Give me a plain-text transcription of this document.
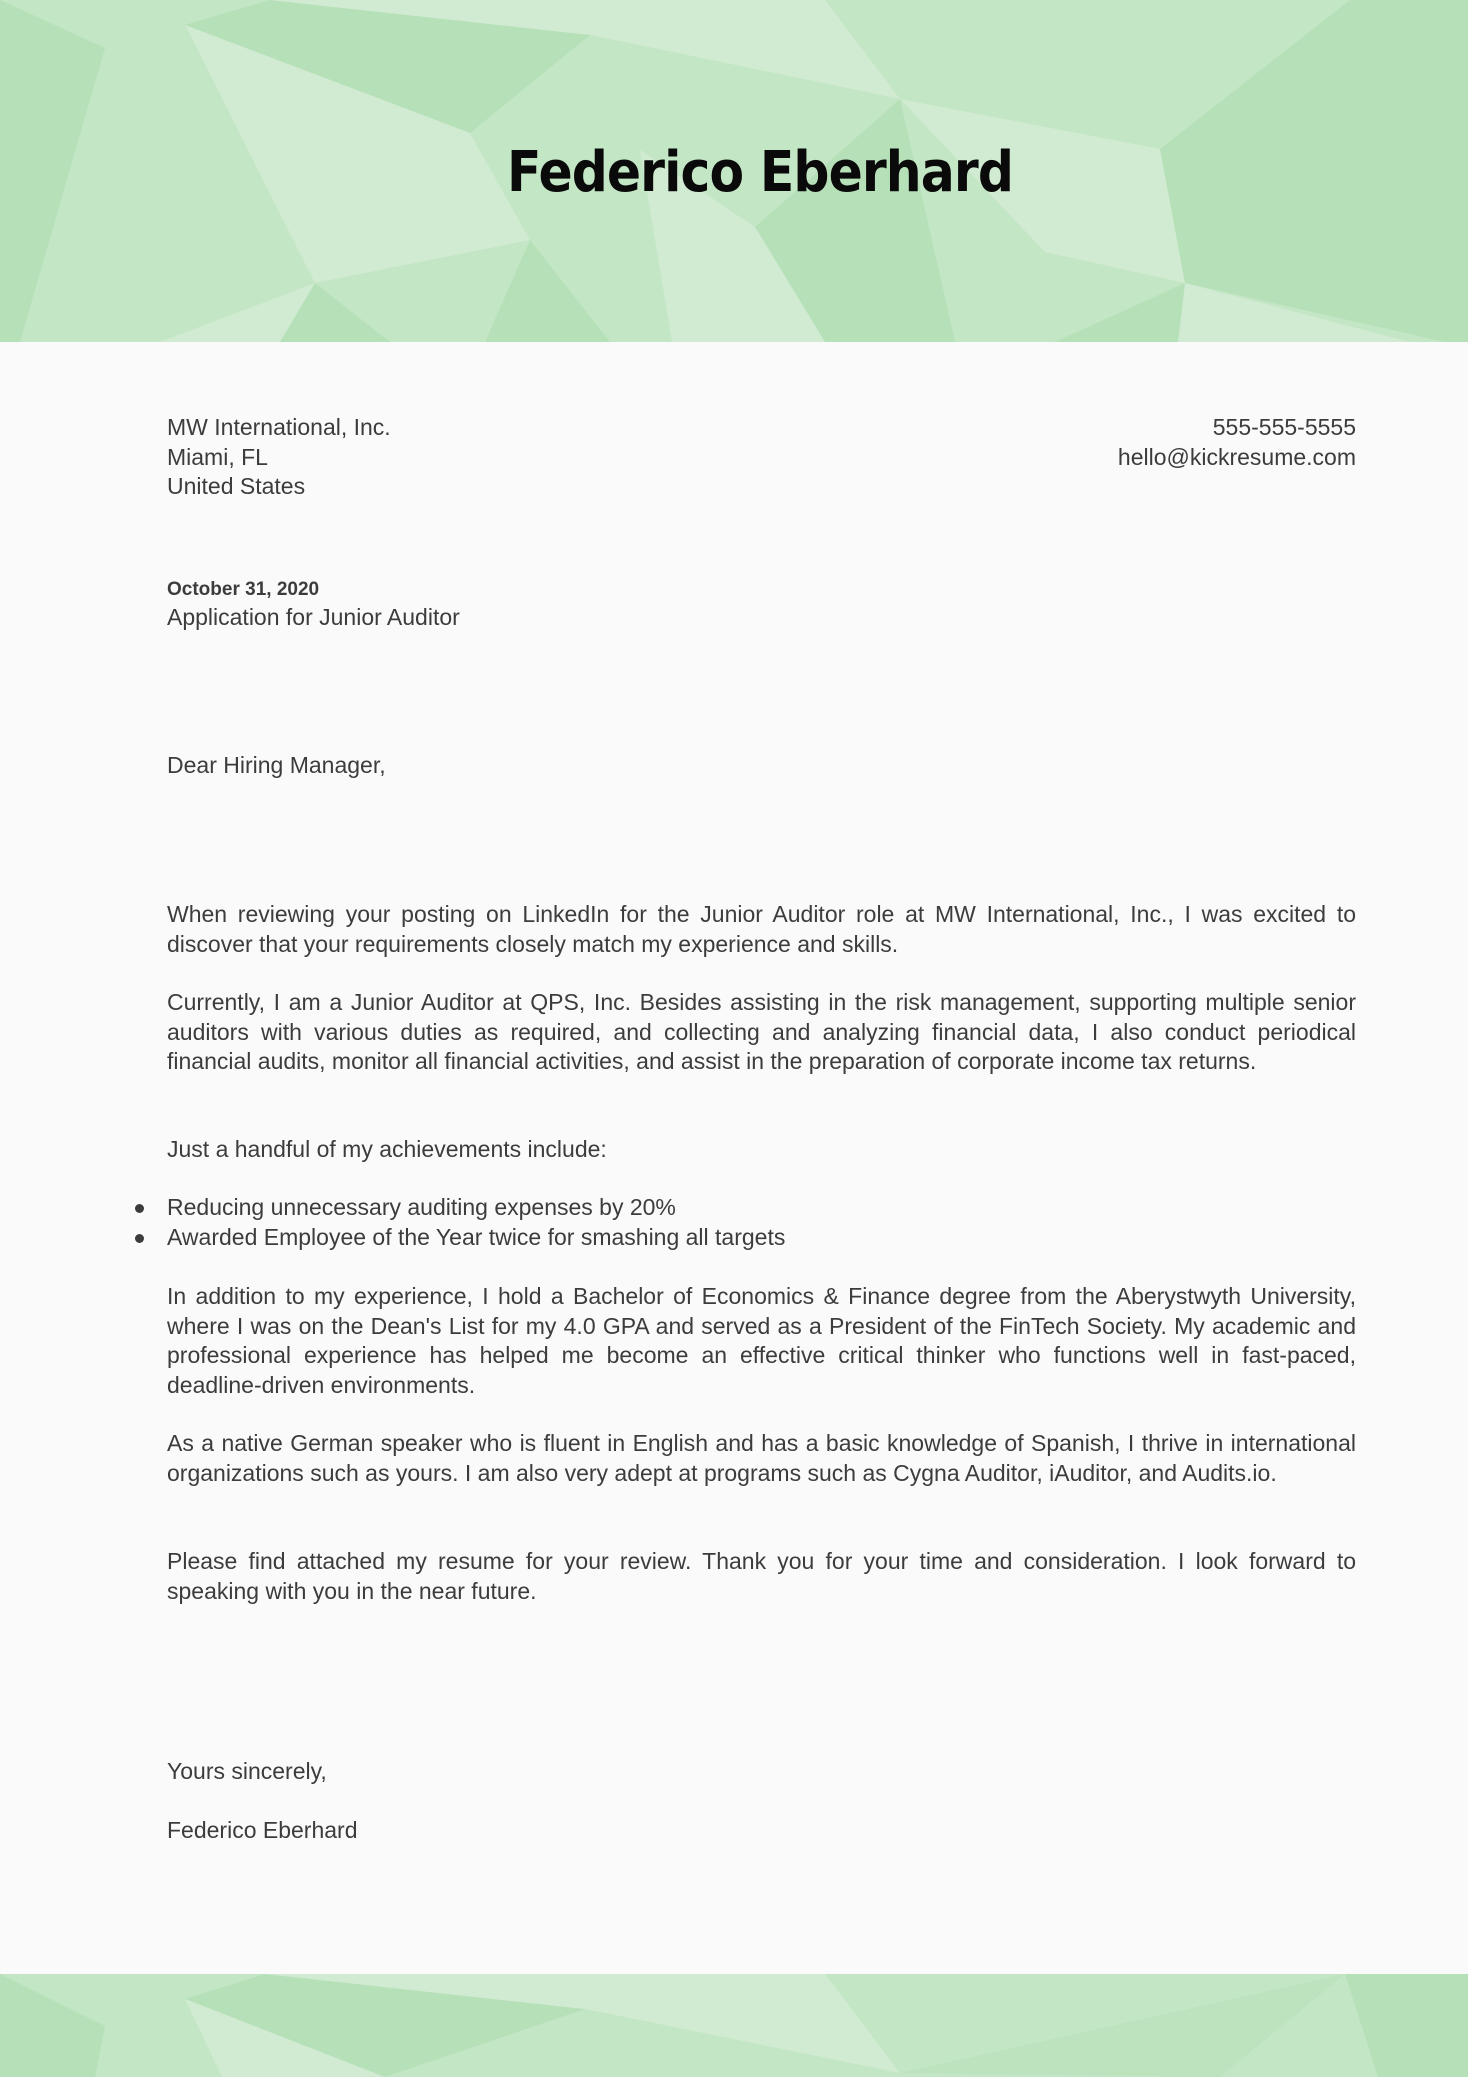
Federico Eberhard
MW International, Inc.
Miami, FL
United States
555-555-5555
hello@kickresume.com
October 31, 2020
Application for Junior Auditor
Dear Hiring Manager,
When reviewing your posting on LinkedIn for the Junior Auditor role at MW International, Inc., I was excited to discover that your requirements closely match my experience and skills.
Currently, I am a Junior Auditor at QPS, Inc. Besides assisting in the risk management, supporting multiple senior auditors with various duties as required, and collecting and analyzing financial data, I also conduct periodical financial audits, monitor all financial activities, and assist in the preparation of corporate income tax returns.
Just a handful of my achievements include:
Reducing unnecessary auditing expenses by 20%
Awarded Employee of the Year twice for smashing all targets
In addition to my experience, I hold a Bachelor of Economics & Finance degree from the Aberystwyth University, where I was on the Dean's List for my 4.0 GPA and served as a President of the FinTech Society. My academic and professional experience has helped me become an effective critical thinker who functions well in fast-paced, deadline-driven environments.
As a native German speaker who is fluent in English and has a basic knowledge of Spanish, I thrive in international organizations such as yours. I am also very adept at programs such as Cygna Auditor, iAuditor, and Audits.io.
Please find attached my resume for your review. Thank you for your time and consideration. I look forward to speaking with you in the near future.
Yours sincerely,
Federico Eberhard
